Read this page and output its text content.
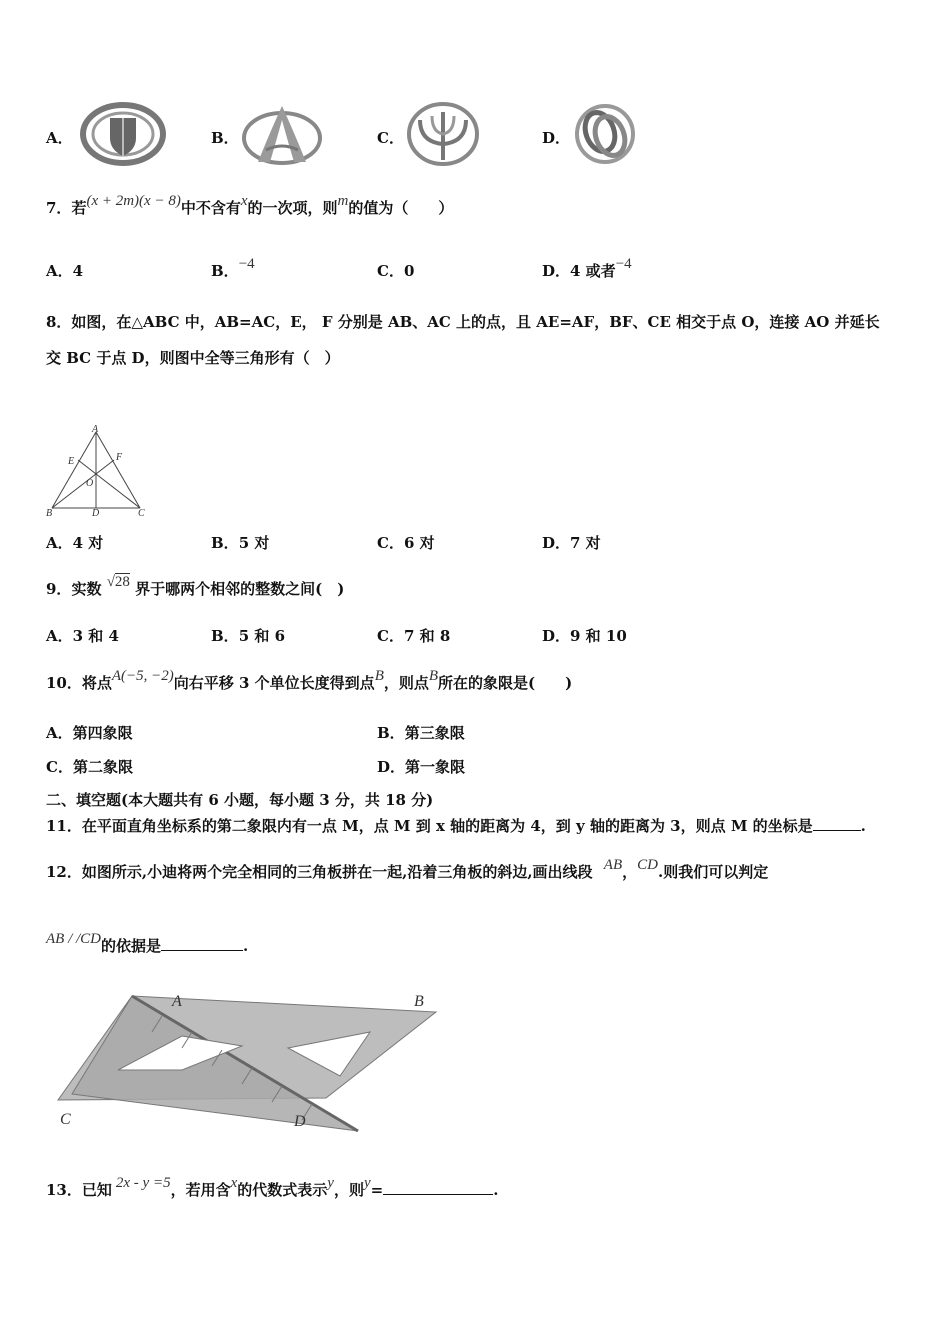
A．	B．	C．	D．
7．若(x + 2m)(x − 8)中不含有x的一次项，则m的值为（　　）
A．4	B．−4	C．0	D．4 或者−4
8．如图，在△ABC 中，AB=AC，E， F 分别是 AB、AC 上的点，且 AE=AF，BF、CE 相交于点 O，连接 AO 并延长
交 BC 于点 D，则图中全等三角形有（　）
A
E	F
O
B	D	C
A．4 对	B．5 对	C．6 对	D．7 对
9．实数 √28 界于哪两个相邻的整数之间(　)
A．3 和 4	B．5 和 6	C．7 和 8	D．9 和 10
10．将点A(−5, −2)向右平移 3 个单位长度得到点B，则点B所在的象限是(　　)
A．第四象限	B．第三象限
C．第二象限	D．第一象限
二、填空题(本大题共有 6 小题，每小题 3 分，共 18 分)
11．在平面直角坐标系的第二象限内有一点 M，点 M 到 x 轴的距离为 4，到 y 轴的距离为 3，则点 M 的坐标是	.
12．如图所示,小迪将两个完全相同的三角板拼在一起,沿着三角板的斜边,画出线段 AB，CD.则我们可以判定
AB / /CD的依据是	.
A	B
C	D
13．已知 2x - y =5，若用含x的代数式表示y，则y=	.
